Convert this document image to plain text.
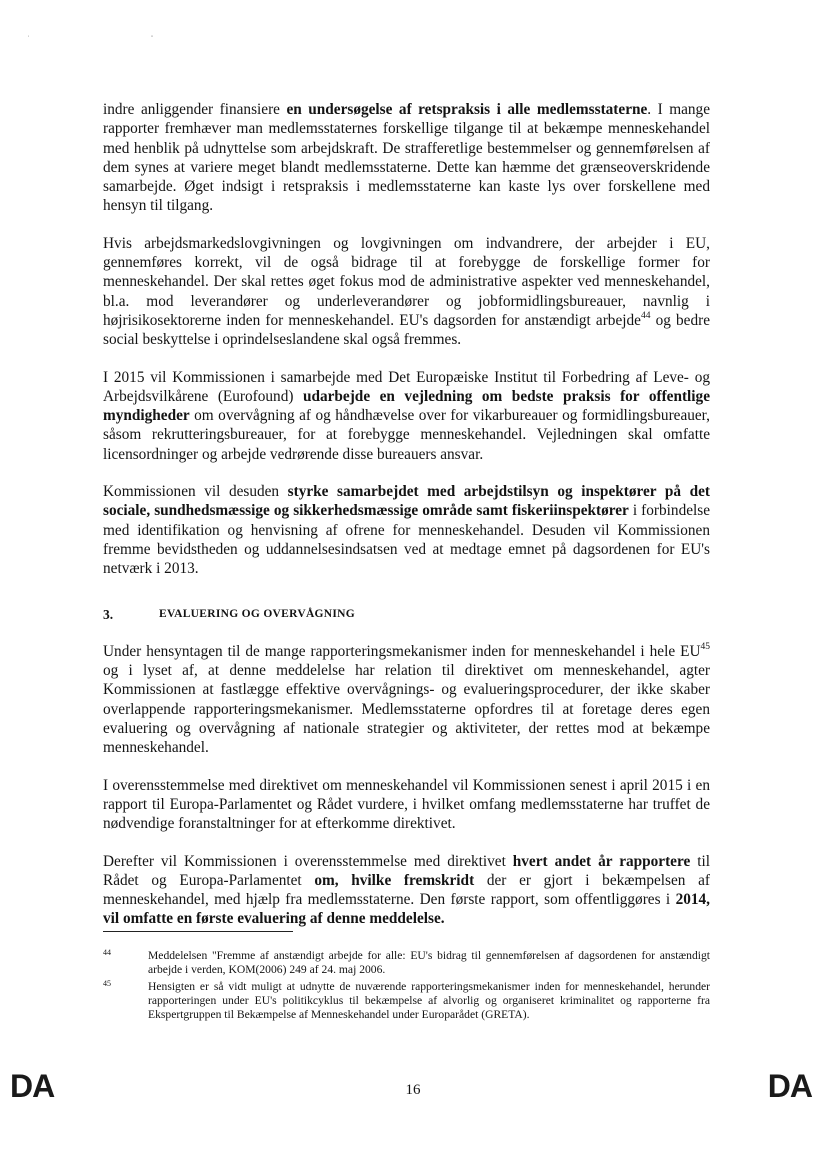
' "

indre anliggender finansiere en undersøgelse af retspraksis i alle medlemsstaterne. I mange rapporter fremhæver man medlemsstaternes forskellige tilgange til at bekæmpe menneskehandel med henblik på udnyttelse som arbejdskraft. De strafferetlige bestemmelser og gennemførelsen af dem synes at variere meget blandt medlemsstaterne. Dette kan hæmme det grænseoverskridende samarbejde. Øget indsigt i retspraksis i medlemsstaterne kan kaste lys over forskellene med hensyn til tilgang.

Hvis arbejdsmarkedslovgivningen og lovgivningen om indvandrere, der arbejder i EU, gennemføres korrekt, vil de også bidrage til at forebygge de forskellige former for menneskehandel. Der skal rettes øget fokus mod de administrative aspekter ved menneskehandel, bl.a. mod leverandører og underleverandører og jobformidlingsbureauer, navnlig i højrisikosektorerne inden for menneskehandel. EU's dagsorden for anstændigt arbejde$^{44}$ og bedre social beskyttelse i oprindelseslandene skal også fremmes.

I 2015 vil Kommissionen i samarbejde med Det Europæiske Institut til Forbedring af Leve- og Arbejdsvilkårene (Eurofound) udarbejde en vejledning om bedste praksis for offentlige myndigheder om overvågning af og håndhævelse over for vikarbureauer og formidlingsbureauer, såsom rekrutteringsbureauer, for at forebygge menneskehandel. Vejledningen skal omfatte licensordninger og arbejde vedrørende disse bureauers ansvar.

Kommissionen vil desuden styrke samarbejdet med arbejdstilsyn og inspektører på det sociale, sundhedsmæssige og sikkerhedsmæssige område samt fiskeriinspektører i forbindelse med identifikation og henvisning af ofrene for menneskehandel. Desuden vil Kommissionen fremme bevidstheden og uddannelsesindsatsen ved at medtage emnet på dagsordenen for EU's netværk i 2013.

3.	EVALUERING OG OVERVÅGNING

Under hensyntagen til de mange rapporteringsmekanismer inden for menneskehandel i hele EU$^{45}$ og i lyset af, at denne meddelelse har relation til direktivet om menneskehandel, agter Kommissionen at fastlægge effektive overvågnings- og evalueringsprocedurer, der ikke skaber overlappende rapporteringsmekanismer. Medlemsstaterne opfordres til at foretage deres egen evaluering og overvågning af nationale strategier og aktiviteter, der rettes mod at bekæmpe menneskehandel.

I overensstemmelse med direktivet om menneskehandel vil Kommissionen senest i april 2015 i en rapport til Europa-Parlamentet og Rådet vurdere, i hvilket omfang medlemsstaterne har truffet de nødvendige foranstaltninger for at efterkomme direktivet.

Derefter vil Kommissionen i overensstemmelse med direktivet hvert andet år rapportere til Rådet og Europa-Parlamentet om, hvilke fremskridt der er gjort i bekæmpelsen af menneskehandel, med hjælp fra medlemsstaterne. Den første rapport, som offentliggøres i 2014, vil omfatte en første evaluering af denne meddelelse.

44	Meddelelsen "Fremme af anstændigt arbejde for alle: EU's bidrag til gennemførelsen af dagsordenen for anstændigt arbejde i verden, KOM(2006) 249 af 24. maj 2006.
45	Hensigten er så vidt muligt at udnytte de nuværende rapporteringsmekanismer inden for menneskehandel, herunder rapporteringen under EU's politikcyklus til bekæmpelse af alvorlig og organiseret kriminalitet og rapporterne fra Ekspertgruppen til Bekæmpelse af Menneskehandel under Europarådet (GRETA).
DA	16	DA
